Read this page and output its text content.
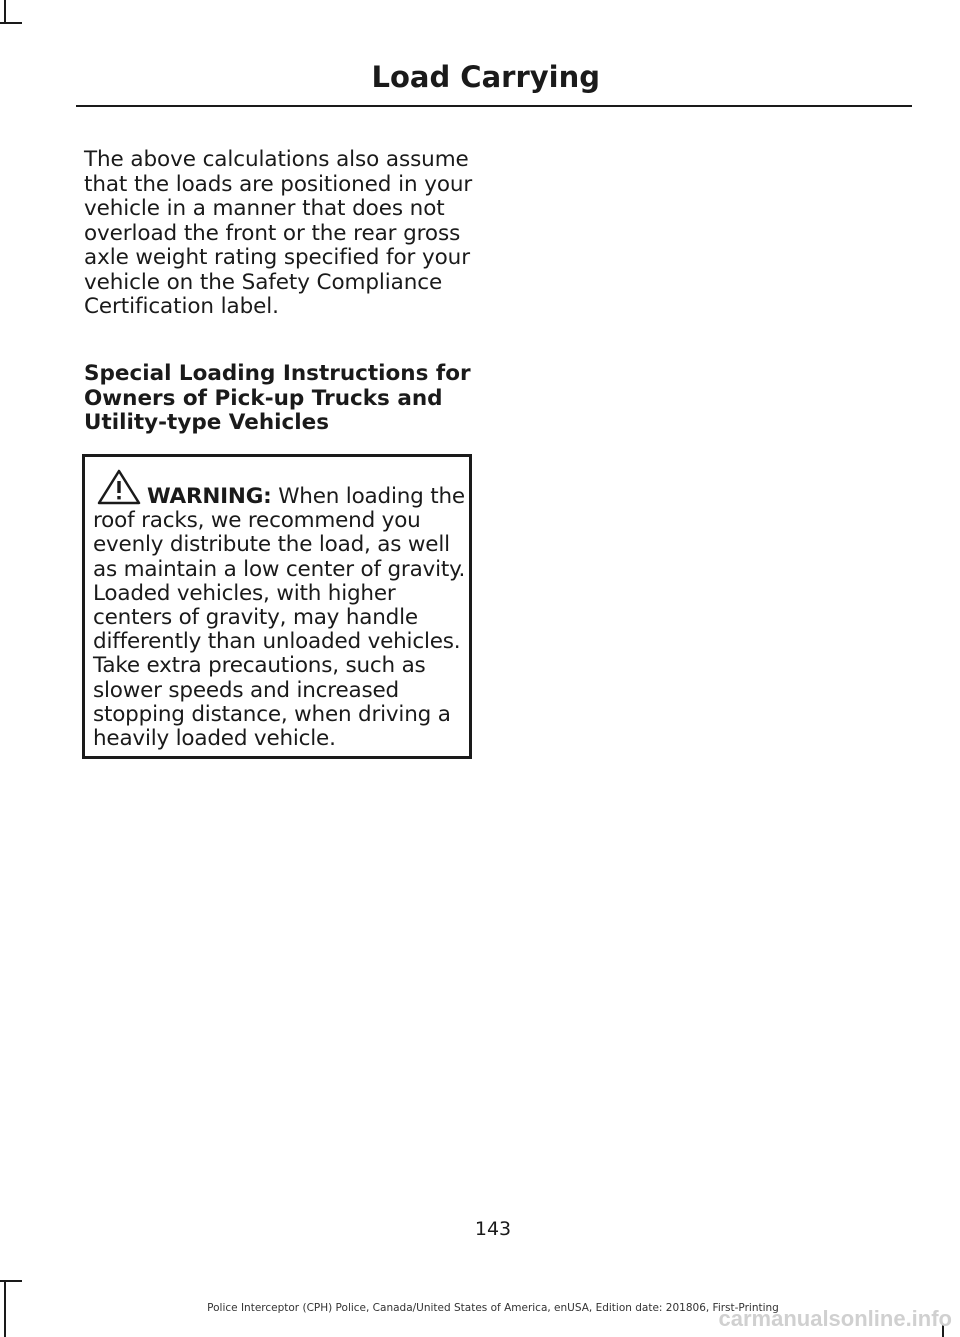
Load Carrying

The above calculations also assume that the loads are positioned in your vehicle in a manner that does not overload the front or the rear gross axle weight rating specified for your vehicle on the Safety Compliance Certification label.

Special Loading Instructions for Owners of Pick-up Trucks and Utility-type Vehicles

WARNING: When loading the roof racks, we recommend you evenly distribute the load, as well as maintain a low center of gravity. Loaded vehicles, with higher centers of gravity, may handle differently than unloaded vehicles. Take extra precautions, such as slower speeds and increased stopping distance, when driving a heavily loaded vehicle.

143
Police Interceptor (CPH) Police, Canada/United States of America, enUSA, Edition date: 201806, First-Printing
carmanualsonline.info
